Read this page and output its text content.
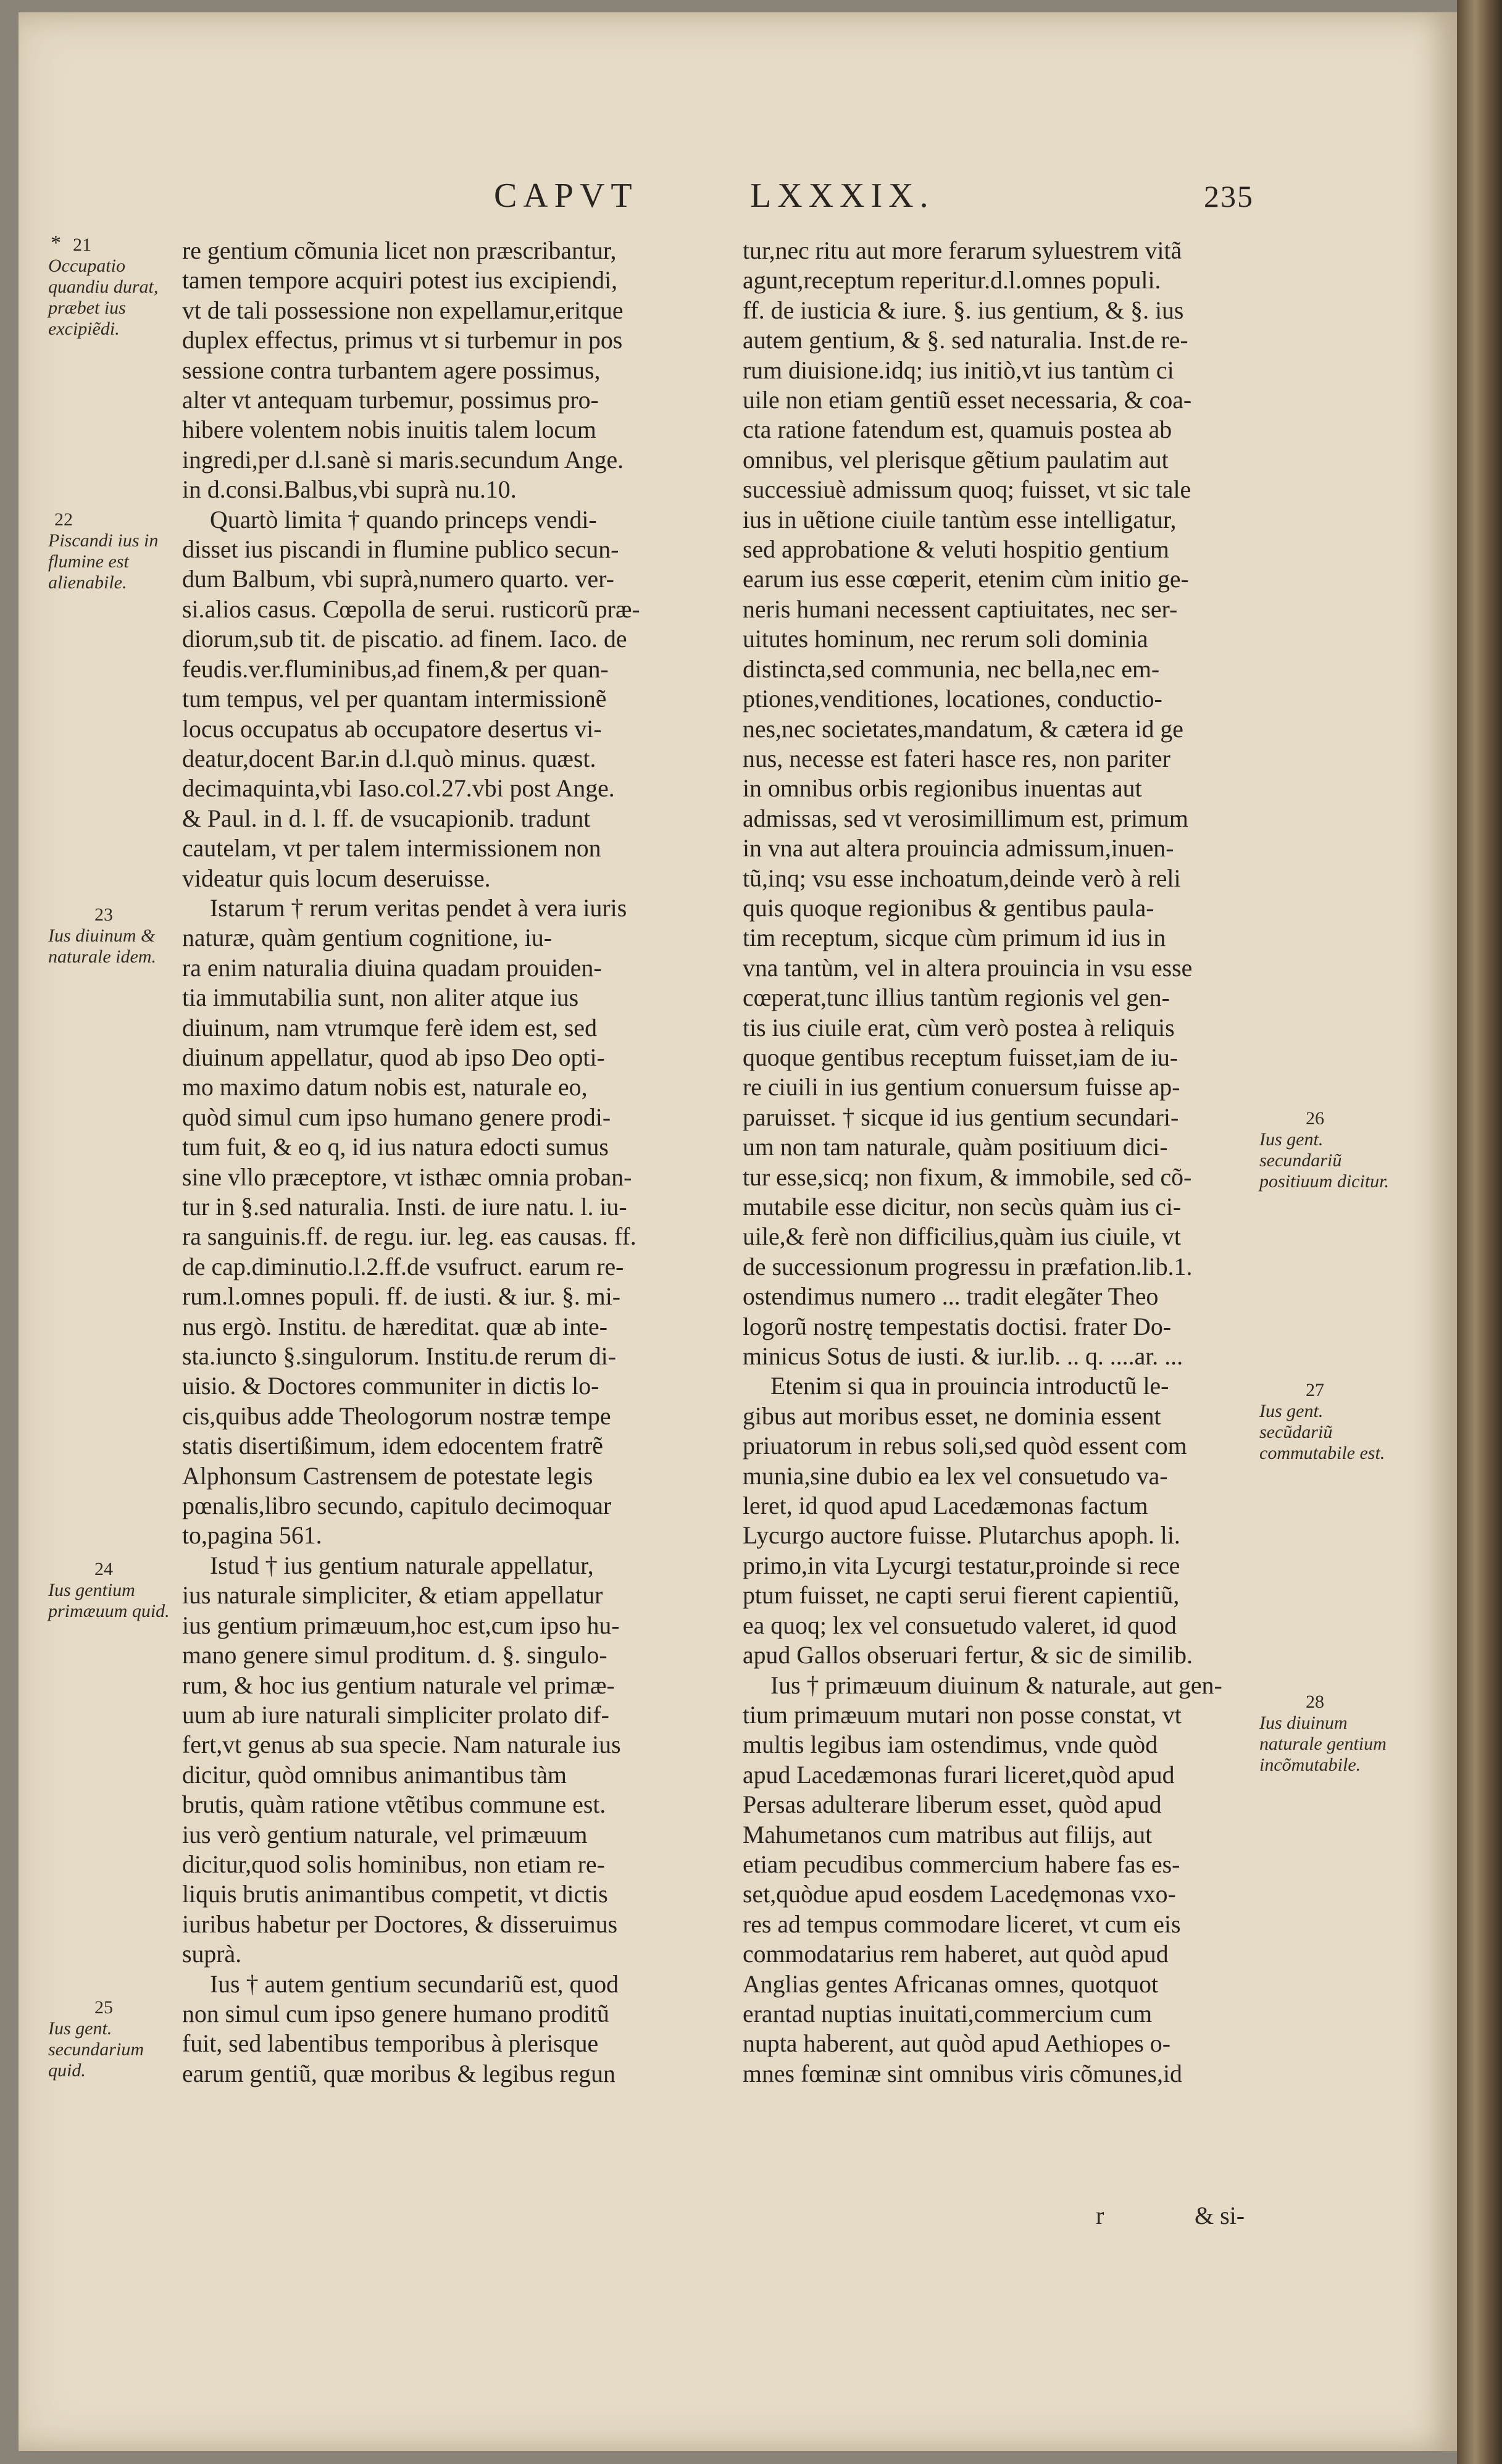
CAPVT	LXXXIX.	235
* 21
Occupatio quandiu durat, præbet ius excipiẽdi.
22
Piscandi ius in flumine est alienabile.
23
Ius diuinum & naturale idem.
24
Ius gentium primæuum quid.
25
Ius gent. secundarium quid.
26
Ius gent. secundariũ positiuum dicitur.
27
Ius gent. secũdariũ commutabile est.
28
Ius diuinum naturale gentium incõmutabile.
re gentium cõmunia licet non præscribantur,
tamen tempore acquiri potest ius excipiendi,
vt de tali possessione non expellamur,eritque
duplex effectus, primus vt si turbemur in pos
sessione contra turbantem agere possimus,
alter vt antequam turbemur, possimus pro-
hibere volentem nobis inuitis talem locum
ingredi,per d.l.sanè si maris.secundum Ange.
in d.consi.Balbus,vbi suprà nu.10.
Quartò limita † quando princeps vendi-
disset ius piscandi in flumine publico secun-
dum Balbum, vbi suprà,numero quarto. ver-
si.alios casus. Cœpolla de serui. rusticorũ præ-
diorum,sub tit. de piscatio. ad finem. Iaco. de
feudis.ver.fluminibus,ad finem,& per quan-
tum tempus, vel per quantam intermissionẽ
locus occupatus ab occupatore desertus vi-
deatur,docent Bar.in d.l.quò minus. quæst.
decimaquinta,vbi Iaso.col.27.vbi post Ange.
& Paul. in d. l. ff. de vsucapionib. tradunt
cautelam, vt per talem intermissionem non
videatur quis locum deseruisse.
Istarum † rerum veritas pendet à vera iuris
naturæ, quàm gentium cognitione, iu-
ra enim naturalia diuina quadam prouiden-
tia immutabilia sunt, non aliter atque ius
diuinum, nam vtrumque ferè idem est, sed
diuinum appellatur, quod ab ipso Deo opti-
mo maximo datum nobis est, naturale eo,
quòd simul cum ipso humano genere prodi-
tum fuit, & eo q, id ius natura edocti sumus
sine vllo præceptore, vt isthæc omnia proban-
tur in §.sed naturalia. Insti. de iure natu. l. iu-
ra sanguinis.ff. de regu. iur. leg. eas causas. ff.
de cap.diminutio.l.2.ff.de vsufruct. earum re-
rum.l.omnes populi. ff. de iusti. & iur. §. mi-
nus ergò. Institu. de hæreditat. quæ ab inte-
sta.iuncto §.singulorum. Institu.de rerum di-
uisio. & Doctores communiter in dictis lo-
cis,quibus adde Theologorum nostræ tempe
statis disertißimum, idem edocentem fratrẽ
Alphonsum Castrensem de potestate legis
pœnalis,libro secundo, capitulo decimoquar
to,pagina 561.
Istud † ius gentium naturale appellatur,
ius naturale simpliciter, & etiam appellatur
ius gentium primæuum,hoc est,cum ipso hu-
mano genere simul proditum. d. §. singulo-
rum, & hoc ius gentium naturale vel primæ-
uum ab iure naturali simpliciter prolato dif-
fert,vt genus ab sua specie. Nam naturale ius
dicitur, quòd omnibus animantibus tàm
brutis, quàm ratione vtẽtibus commune est.
ius verò gentium naturale, vel primæuum
dicitur,quod solis hominibus, non etiam re-
liquis brutis animantibus competit, vt dictis
iuribus habetur per Doctores, & disseruimus
suprà.
Ius † autem gentium secundariũ est, quod
non simul cum ipso genere humano proditũ
fuit, sed labentibus temporibus à plerisque
earum gentiũ, quæ moribus & legibus regun
tur,nec ritu aut more ferarum syluestrem vitã
agunt,receptum reperitur.d.l.omnes populi.
ff. de iusticia & iure. §. ius gentium, & §. ius
autem gentium, & §. sed naturalia. Inst.de re-
rum diuisione.idq; ius initiò,vt ius tantùm ci
uile non etiam gentiũ esset necessaria, & coa-
cta ratione fatendum est, quamuis postea ab
omnibus, vel plerisque gẽtium paulatim aut
successiuè admissum quoq; fuisset, vt sic tale
ius in uẽtione ciuile tantùm esse intelligatur,
sed approbatione & veluti hospitio gentium
earum ius esse cœperit, etenim cùm initio ge-
neris humani necessent captiuitates, nec ser-
uitutes hominum, nec rerum soli dominia
distincta,sed communia, nec bella,nec em-
ptiones,venditiones, locationes, conductio-
nes,nec societates,mandatum, & cætera id ge
nus, necesse est fateri hasce res, non pariter
in omnibus orbis regionibus inuentas aut
admissas, sed vt verosimillimum est, primum
in vna aut altera prouincia admissum,inuen-
tũ,inq; vsu esse inchoatum,deinde verò à reli
quis quoque regionibus & gentibus paula-
tim receptum, sicque cùm primum id ius in
vna tantùm, vel in altera prouincia in vsu esse
cœperat,tunc illius tantùm regionis vel gen-
tis ius ciuile erat, cùm verò postea à reliquis
quoque gentibus receptum fuisset,iam de iu-
re ciuili in ius gentium conuersum fuisse ap-
paruisset. † sicque id ius gentium secundari-
um non tam naturale, quàm positiuum dici-
tur esse,sicq; non fixum, & immobile, sed cõ-
mutabile esse dicitur, non secùs quàm ius ci-
uile,& ferè non difficilius,quàm ius ciuile, vt
de successionum progressu in præfation.lib.1.
ostendimus numero ... tradit elegãter Theo
logorũ nostrę tempestatis doctisi. frater Do-
minicus Sotus de iusti. & iur.lib. .. q. ....ar. ...
Etenim si qua in prouincia introductũ le-
gibus aut moribus esset, ne dominia essent
priuatorum in rebus soli,sed quòd essent com
munia,sine dubio ea lex vel consuetudo va-
leret, id quod apud Lacedæmonas factum
Lycurgo auctore fuisse. Plutarchus apoph. li.
primo,in vita Lycurgi testatur,proinde si rece
ptum fuisset, ne capti serui fierent capientiũ,
ea quoq; lex vel consuetudo valeret, id quod
apud Gallos obseruari fertur, & sic de similib.
Ius † primæuum diuinum & naturale, aut gen-
tium primæuum mutari non posse constat, vt
multis legibus iam ostendimus, vnde quòd
apud Lacedæmonas furari liceret,quòd apud
Persas adulterare liberum esset, quòd apud
Mahumetanos cum matribus aut filijs, aut
etiam pecudibus commercium habere fas es-
set,quòdue apud eosdem Lacedęmonas vxo-
res ad tempus commodare liceret, vt cum eis
commodatarius rem haberet, aut quòd apud
Anglias gentes Africanas omnes, quotquot
erantad nuptias inuitati,commercium cum
nupta haberent, aut quòd apud Aethiopes o-
mnes fœminæ sint omnibus viris cõmunes,id
r	& si-
